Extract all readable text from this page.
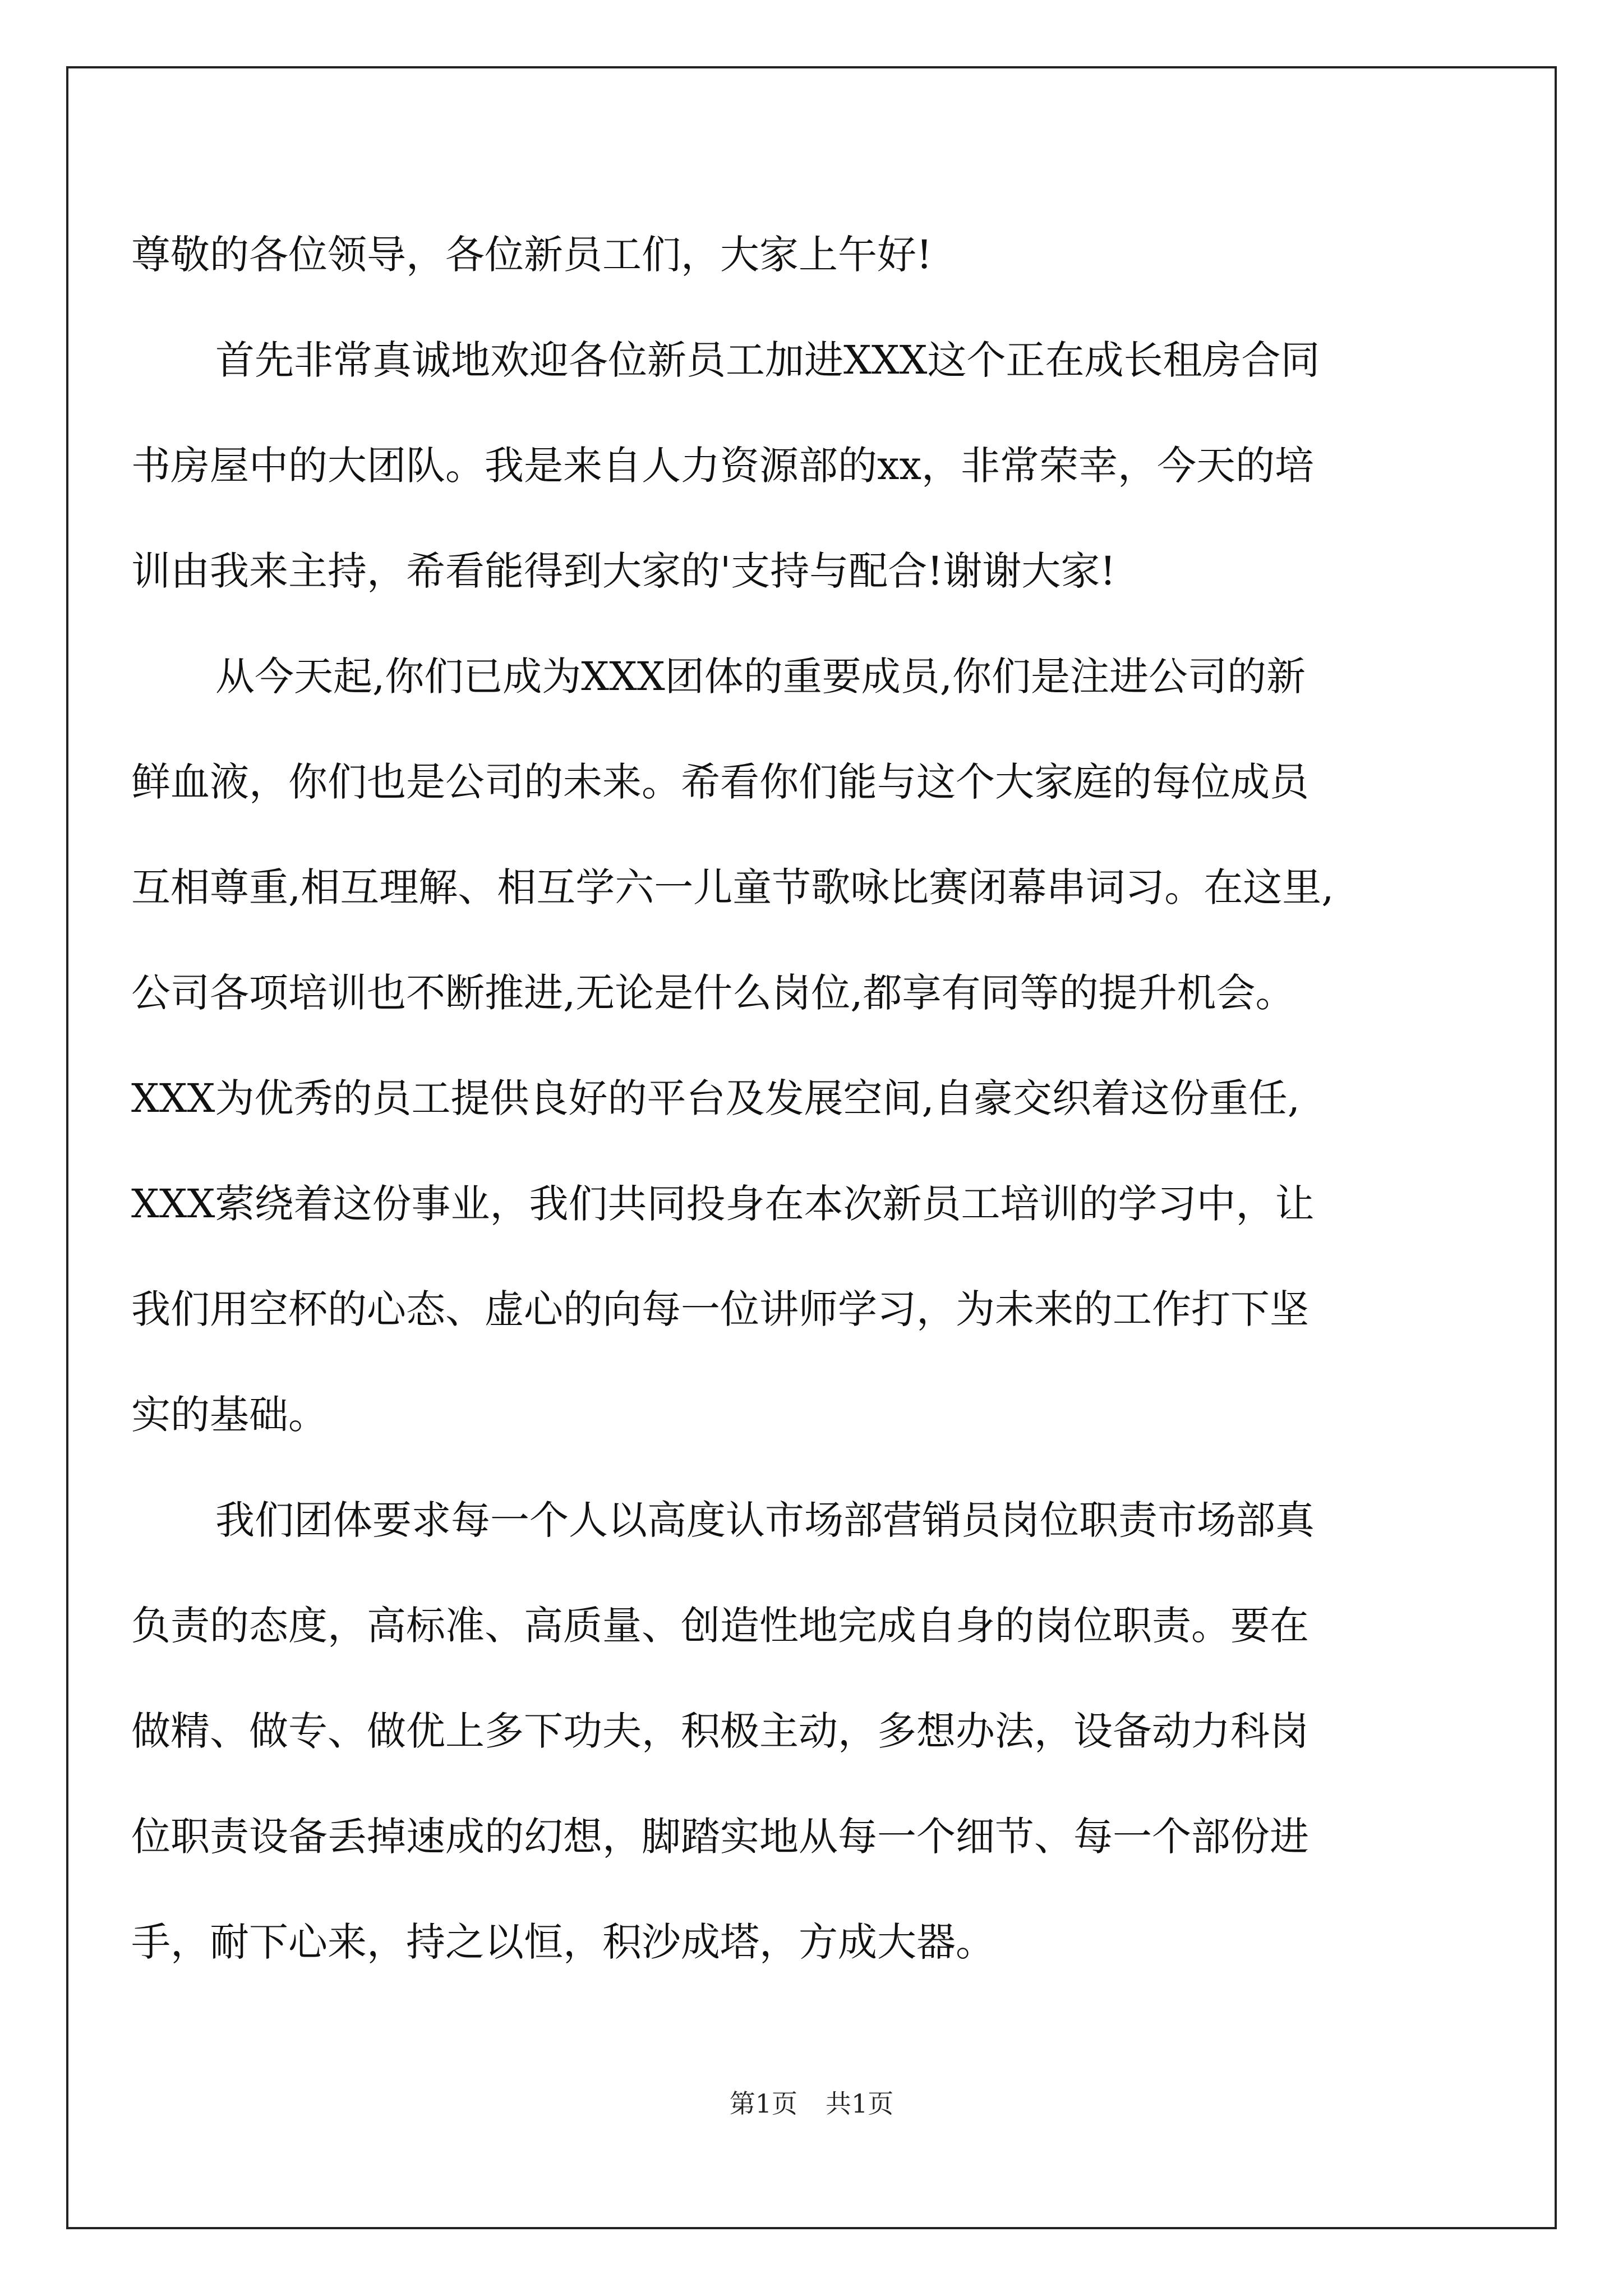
尊敬的各位领导，各位新员工们，大家上午好!
首先非常真诚地欢迎各位新员工加进XXX这个正在成长租房合同
书房屋中的大团队。我是来自人力资源部的xx，非常荣幸，今天的培
训由我来主持，希看能得到大家的'支持与配合!谢谢大家!
从今天起,你们已成为XXX团体的重要成员,你们是注进公司的新
鲜血液，你们也是公司的未来。希看你们能与这个大家庭的每位成员
互相尊重,相互理解、相互学六一儿童节歌咏比赛闭幕串词习。在这里,
公司各项培训也不断推进,无论是什么岗位,都享有同等的提升机会。
XXX为优秀的员工提供良好的平台及发展空间,自豪交织着这份重任,
XXX萦绕着这份事业，我们共同投身在本次新员工培训的学习中，让
我们用空杯的心态、虚心的向每一位讲师学习，为未来的工作打下坚
实的基础。
我们团体要求每一个人以高度认市场部营销员岗位职责市场部真
负责的态度，高标准、高质量、创造性地完成自身的岗位职责。要在
做精、做专、做优上多下功夫，积极主动，多想办法，设备动力科岗
位职责设备丢掉速成的幻想，脚踏实地从每一个细节、每一个部份进
手，耐下心来，持之以恒，积沙成塔，方成大器。
第1页 共1页
